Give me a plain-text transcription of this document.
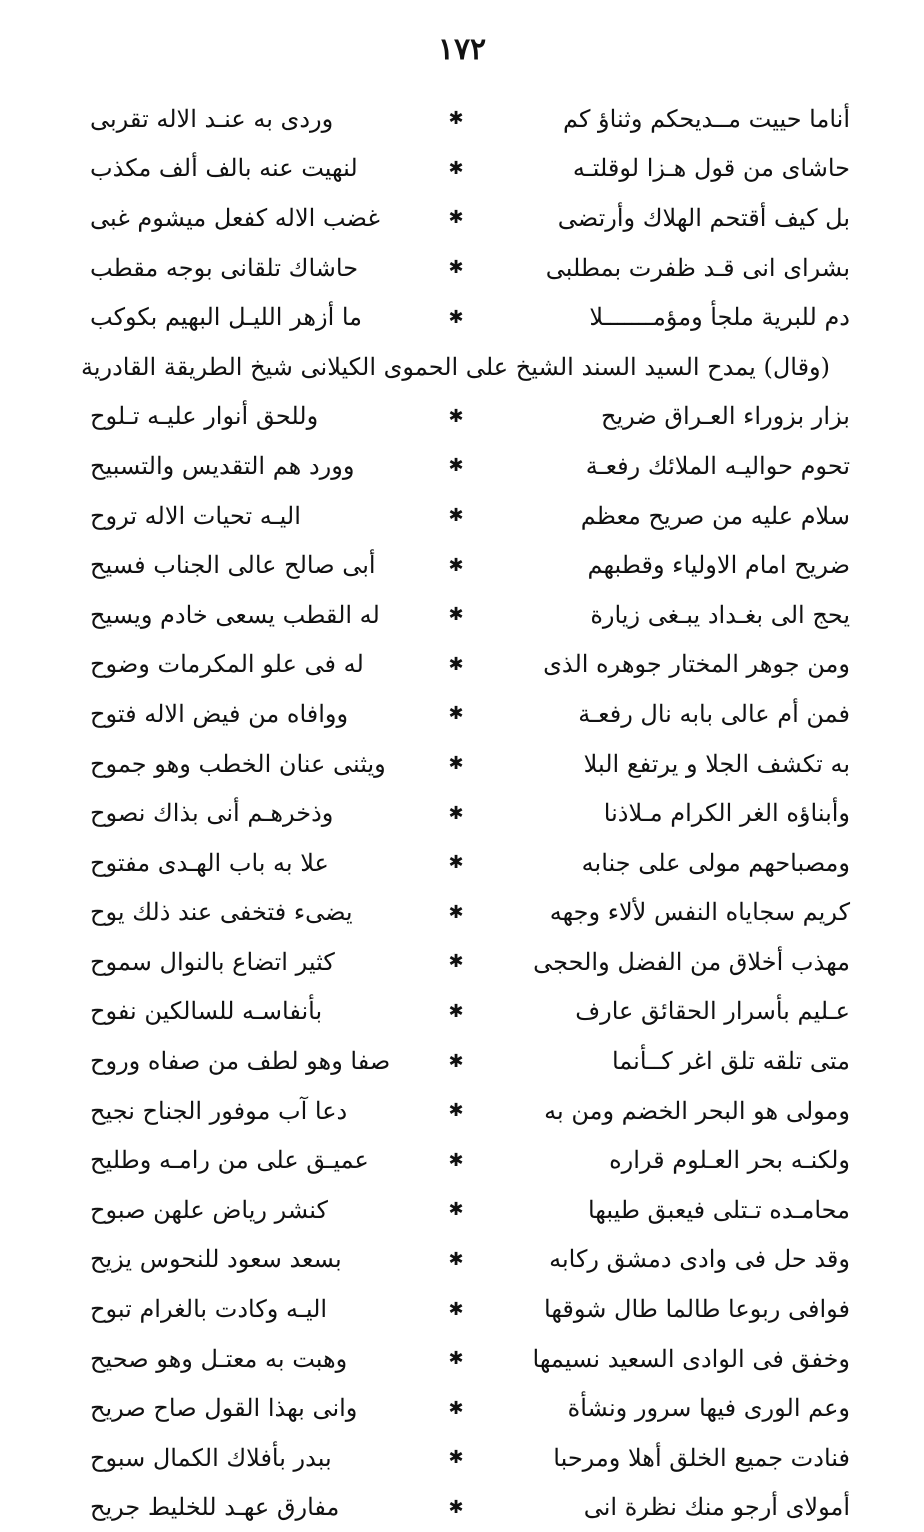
١٧٢
أناما حييت مــديحكم وثناؤ كم
✱
وردى به عنـد الاله تقربى
حاشاى من قول هـزا لوقلتـه
✱
لنهيت عنه بالف ألف مكذب
بل كيف أقتحم الهلاك وأرتضى
✱
غضب الاله كفعل ميشوم غبى
بشراى انى قـد ظفرت بمطلبى
✱
حاشاك تلقانى بوجه مقطب
دم للبرية ملجأ ومؤمـــــــلا
✱
ما أزهر الليـل البهيم بكوكب
(وقال) يمدح السيد السند الشيخ على الحموى الكيلانى شيخ الطريقة القادرية
بزار بزوراء العـراق ضريح
✱
وللحق أنوار عليـه تـلوح
تحوم حواليـه الملائك رفعـة
✱
وورد هم التقديس والتسبيح
سلام عليه من صريح معظم
✱
اليـه تحيات الاله تروح
ضريح امام الاولياء وقطبهم
✱
أبى صالح عالى الجناب فسيح
يحج الى بغـداد يبـغى زيارة
✱
له القطب يسعى خادم ويسيح
ومن جوهر المختار جوهره الذى
✱
له فى علو المكرمات وضوح
فمن أم عالى بابه نال رفعـة
✱
ووافاه من فيض الاله فتوح
به تكشف الجلا و يرتفع البلا
✱
ويثنى عنان الخطب وهو جموح
وأبناؤه الغر الكرام مـلاذنا
✱
وذخرهـم أنى بذاك نصوح
ومصباحهم مولى على جنابه
✱
علا به باب الهـدى مفتوح
كريم سجاياه النفس لألاء وجهه
✱
يضىء فتخفى عند ذلك يوح
مهذب أخلاق من الفضل والحجى
✱
كثير اتضاع بالنوال سموح
عـليم بأسرار الحقائق عارف
✱
بأنفاسـه للسالكين نفوح
متى تلقه تلق اغر كــأنما
✱
صفا وهو لطف من صفاه وروح
ومولى هو البحر الخضم ومن به
✱
دعا آب موفور الجناح نجيح
ولكنـه بحر العـلوم قراره
✱
عميـق على من رامـه وطليح
محامـده تـتلى فيعبق طيبها
✱
كنشر رياض علهن صبوح
وقد حل فى وادى دمشق ركابه
✱
بسعد سعود للنحوس يزيح
فوافى ربوعا طالما طال شوقها
✱
اليـه وكادت بالغرام تبوح
وخفق فى الوادى السعيد نسيمها
✱
وهبت به معتـل وهو صحيح
وعم الورى فيها سرور ونشأة
✱
وانى بهذا القول صاح صريح
فنادت جميع الخلق أهلا ومرحبا
✱
ببدر بأفلاك الكمال سبوح
أمولاى أرجو منك نظرة انى
✱
مفارق عهـد للخليط جريح
